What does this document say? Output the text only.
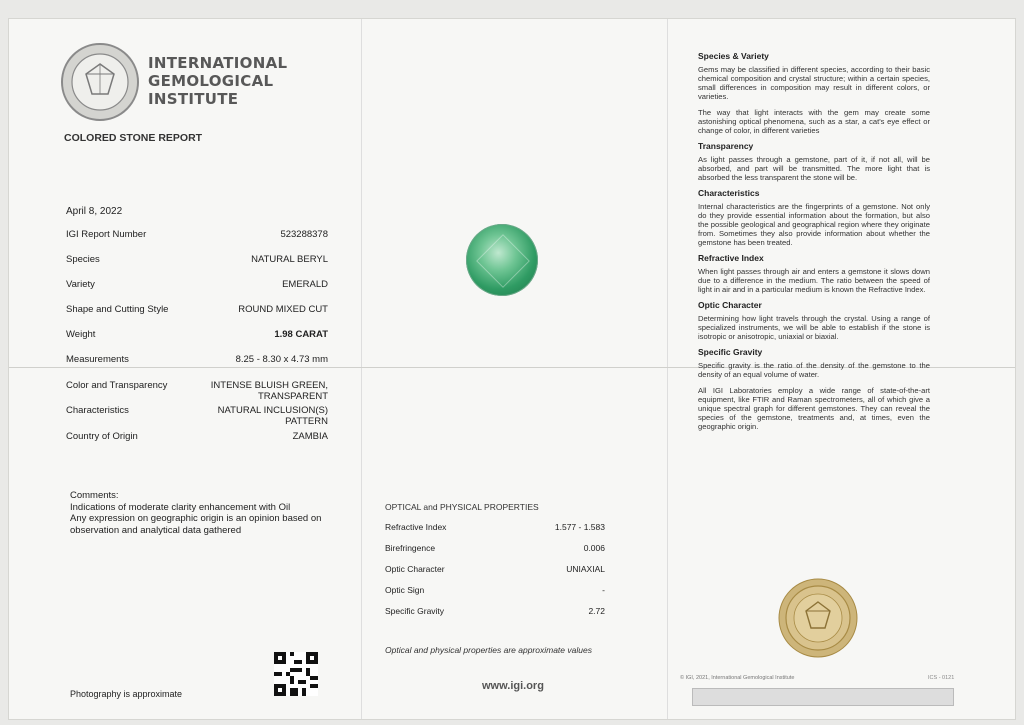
INTERNATIONAL
GEMOLOGICAL
INSTITUTE
COLORED STONE REPORT
April 8, 2022
IGI Report Number	523288378
Species	NATURAL BERYL
Variety	EMERALD
Shape and Cutting Style	ROUND MIXED CUT
Weight	1.98 CARAT
Measurements	8.25 - 8.30 x 4.73 mm
Color and Transparency	INTENSE BLUISH GREEN,
TRANSPARENT
Characteristics	NATURAL INCLUSION(S)
PATTERN
Country of Origin	ZAMBIA
Comments:
Indications of moderate clarity enhancement with Oil
Any expression on geographic origin is an opinion based on
observation and analytical data gathered
Photography is approximate
OPTICAL and PHYSICAL PROPERTIES
Refractive Index	1.577 - 1.583
Birefringence	0.006
Optic Character	UNIAXIAL
Optic Sign	-
Specific Gravity	2.72
Optical and physical properties are approximate values
www.igi.org
Species & Variety

Gems may be classified in different species, according to their basic chemical composition and crystal structure; within a certain species, small differences in composition may result in different colors, or varieties.

The way that light interacts with the gem may create some astonishing optical phenomena, such as a star, a cat's eye effect or change of color, in different varieties

Transparency

As light passes through a gemstone, part of it, if not all, will be absorbed, and part will be transmitted. The more light that is absorbed the less transparent the stone will be.

Characteristics

Internal characteristics are the fingerprints of a gemstone. Not only do they provide essential information about the formation, but also the possible geological and geographical region where they originate from. Sometimes they also provide information about whether the gemstone has been treated.

Refractive Index

When light passes through air and enters a gemstone it slows down due to a difference in the medium. The ratio between the speed of light in air and in a particular medium is known the Refractive Index.

Optic Character

Determining how light travels through the crystal. Using a range of specialized instruments, we will be able to establish if the stone is isotropic or anisotropic, uniaxial or biaxial.

Specific Gravity

Specific gravity is the ratio of the density of the gemstone to the density of an equal volume of water.

All IGI Laboratories employ a wide range of state-of-the-art equipment, like FTIR and Raman spectrometers, all of which give a unique spectral graph for different gemstones. They can reveal the species of the gemstone, treatments and, at times, even the geographic origin.

© IGI, 2021, International Gemological Institute	ICS - 0121
